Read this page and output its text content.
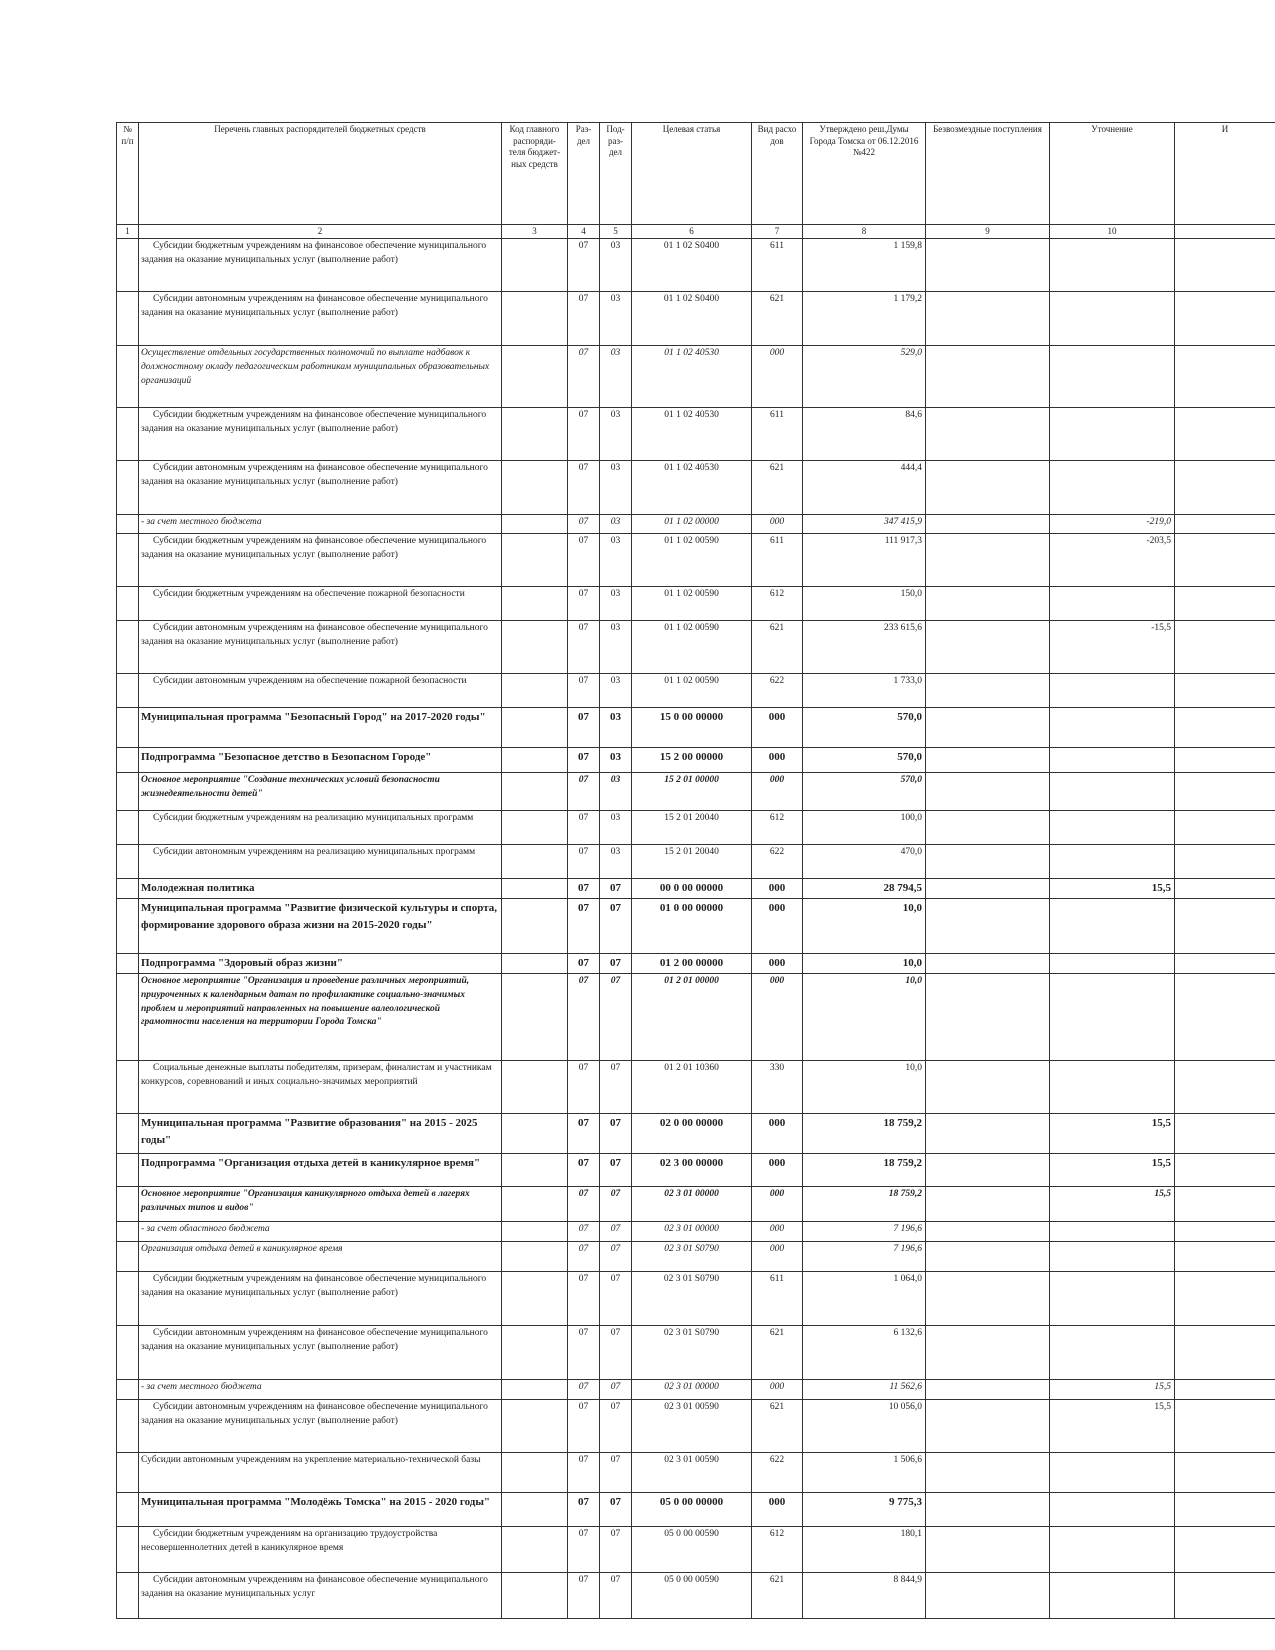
№ п/п	Перечень главных распорядителей бюджетных средств	Код главного распоряди-теля бюджет-ных средств	Раз-дел	Под-раз-дел	Целевая статья	Вид расхо дов	Утверждено реш.Думы Города Томска от 06.12.2016 №422	Безвозмездные поступления	Уточнение	И
1	2	3	4	5	6	7	8	9	10	
	Субсидии бюджетным учреждениям на финансовое обеспечение муниципального задания на оказание муниципальных услуг (выполнение работ)		07	03	01 1 02 S0400	611	1 159,8			
	Субсидии автономным учреждениям на финансовое обеспечение муниципального задания на оказание муниципальных услуг (выполнение работ)		07	03	01 1 02 S0400	621	1 179,2			
	Осуществление отдельных государственных полномочий по выплате надбавок к должностному окладу педагогическим работникам муниципальных образовательных организаций		07	03	01 1 02 40530	000	529,0			
	Субсидии бюджетным учреждениям на финансовое обеспечение муниципального задания на оказание муниципальных услуг (выполнение работ)		07	03	01 1 02 40530	611	84,6			
	Субсидии автономным учреждениям на финансовое обеспечение муниципального задания на оказание муниципальных услуг (выполнение работ)		07	03	01 1 02 40530	621	444,4			
	- за счет местного бюджета		07	03	01 1 02 00000	000	347 415,9		-219,0	
	Субсидии бюджетным учреждениям на финансовое обеспечение муниципального задания на оказание муниципальных услуг (выполнение работ)		07	03	01 1 02 00590	611	111 917,3		-203,5	
	Субсидии бюджетным учреждениям на обеспечение пожарной безопасности		07	03	01 1 02 00590	612	150,0			
	Субсидии автономным учреждениям на финансовое обеспечение муниципального задания на оказание муниципальных услуг (выполнение работ)		07	03	01 1 02 00590	621	233 615,6		-15,5	
	Субсидии автономным учреждениям на обеспечение пожарной безопасности		07	03	01 1 02 00590	622	1 733,0			
	Муниципальная программа "Безопасный Город" на 2017-2020 годы"		07	03	15 0 00 00000	000	570,0			
	Подпрограмма "Безопасное детство в Безопасном Городе"		07	03	15 2 00 00000	000	570,0			
	Основное мероприятие "Создание технических условий безопасности жизнедеятельности детей"		07	03	15 2 01 00000	000	570,0			
	Субсидии бюджетным учреждениям на реализацию муниципальных программ		07	03	15 2 01 20040	612	100,0			
	Субсидии автономным учреждениям на реализацию муниципальных программ		07	03	15 2 01 20040	622	470,0			
	Молодежная политика		07	07	00 0 00 00000	000	28 794,5		15,5	
	Муниципальная программа "Развитие физической культуры и спорта, формирование здорового образа жизни на 2015-2020 годы"		07	07	01 0 00 00000	000	10,0			
	Подпрограмма "Здоровый образ жизни"		07	07	01 2 00 00000	000	10,0			
	Основное мероприятие "Организация и проведение различных мероприятий, приуроченных к календарным датам по профилактике социально-значимых проблем и мероприятий направленных на повышение валеологической грамотности населения на территории Города Томска"		07	07	01 2 01 00000	000	10,0			
	Социальные денежные выплаты победителям, призерам, финалистам и участникам конкурсов, соревнований и иных социально-значимых мероприятий		07	07	01 2 01 10360	330	10,0			
	Муниципальная программа "Развитие образования" на 2015 - 2025 годы"		07	07	02 0 00 00000	000	18 759,2		15,5	
	Подпрограмма "Организация отдыха детей в каникулярное время"		07	07	02 3 00 00000	000	18 759,2		15,5	
	Основное мероприятие "Организация каникулярного отдыха детей в лагерях различных типов и видов"		07	07	02 3 01 00000	000	18 759,2		15,5	
	- за счет областного бюджета		07	07	02 3 01 00000	000	7 196,6			
	Организация отдыха детей в каникулярное время		07	07	02 3 01 S0790	000	7 196,6			
	Субсидии бюджетным учреждениям на финансовое обеспечение муниципального задания на оказание муниципальных услуг (выполнение работ)		07	07	02 3 01 S0790	611	1 064,0			
	Субсидии автономным учреждениям на финансовое обеспечение муниципального задания на оказание муниципальных услуг (выполнение работ)		07	07	02 3 01 S0790	621	6 132,6			
	- за счет местного бюджета		07	07	02 3 01 00000	000	11 562,6		15,5	
	Субсидии автономным учреждениям на финансовое обеспечение муниципального задания на оказание муниципальных услуг (выполнение работ)		07	07	02 3 01 00590	621	10 056,0		15,5	
	Субсидии автономным учреждениям на укрепление материально-технической базы		07	07	02 3 01 00590	622	1 506,6			
	Муниципальная программа "Молодёжь Томска" на 2015 - 2020 годы"		07	07	05 0 00 00000	000	9 775,3			
	Субсидии бюджетным учреждениям на организацию трудоустройства несовершеннолетних детей в каникулярное время		07	07	05 0 00 00590	612	180,1			
	Субсидии автономным учреждениям на финансовое обеспечение муниципального задания на оказание муниципальных услуг		07	07	05 0 00 00590	621	8 844,9			
